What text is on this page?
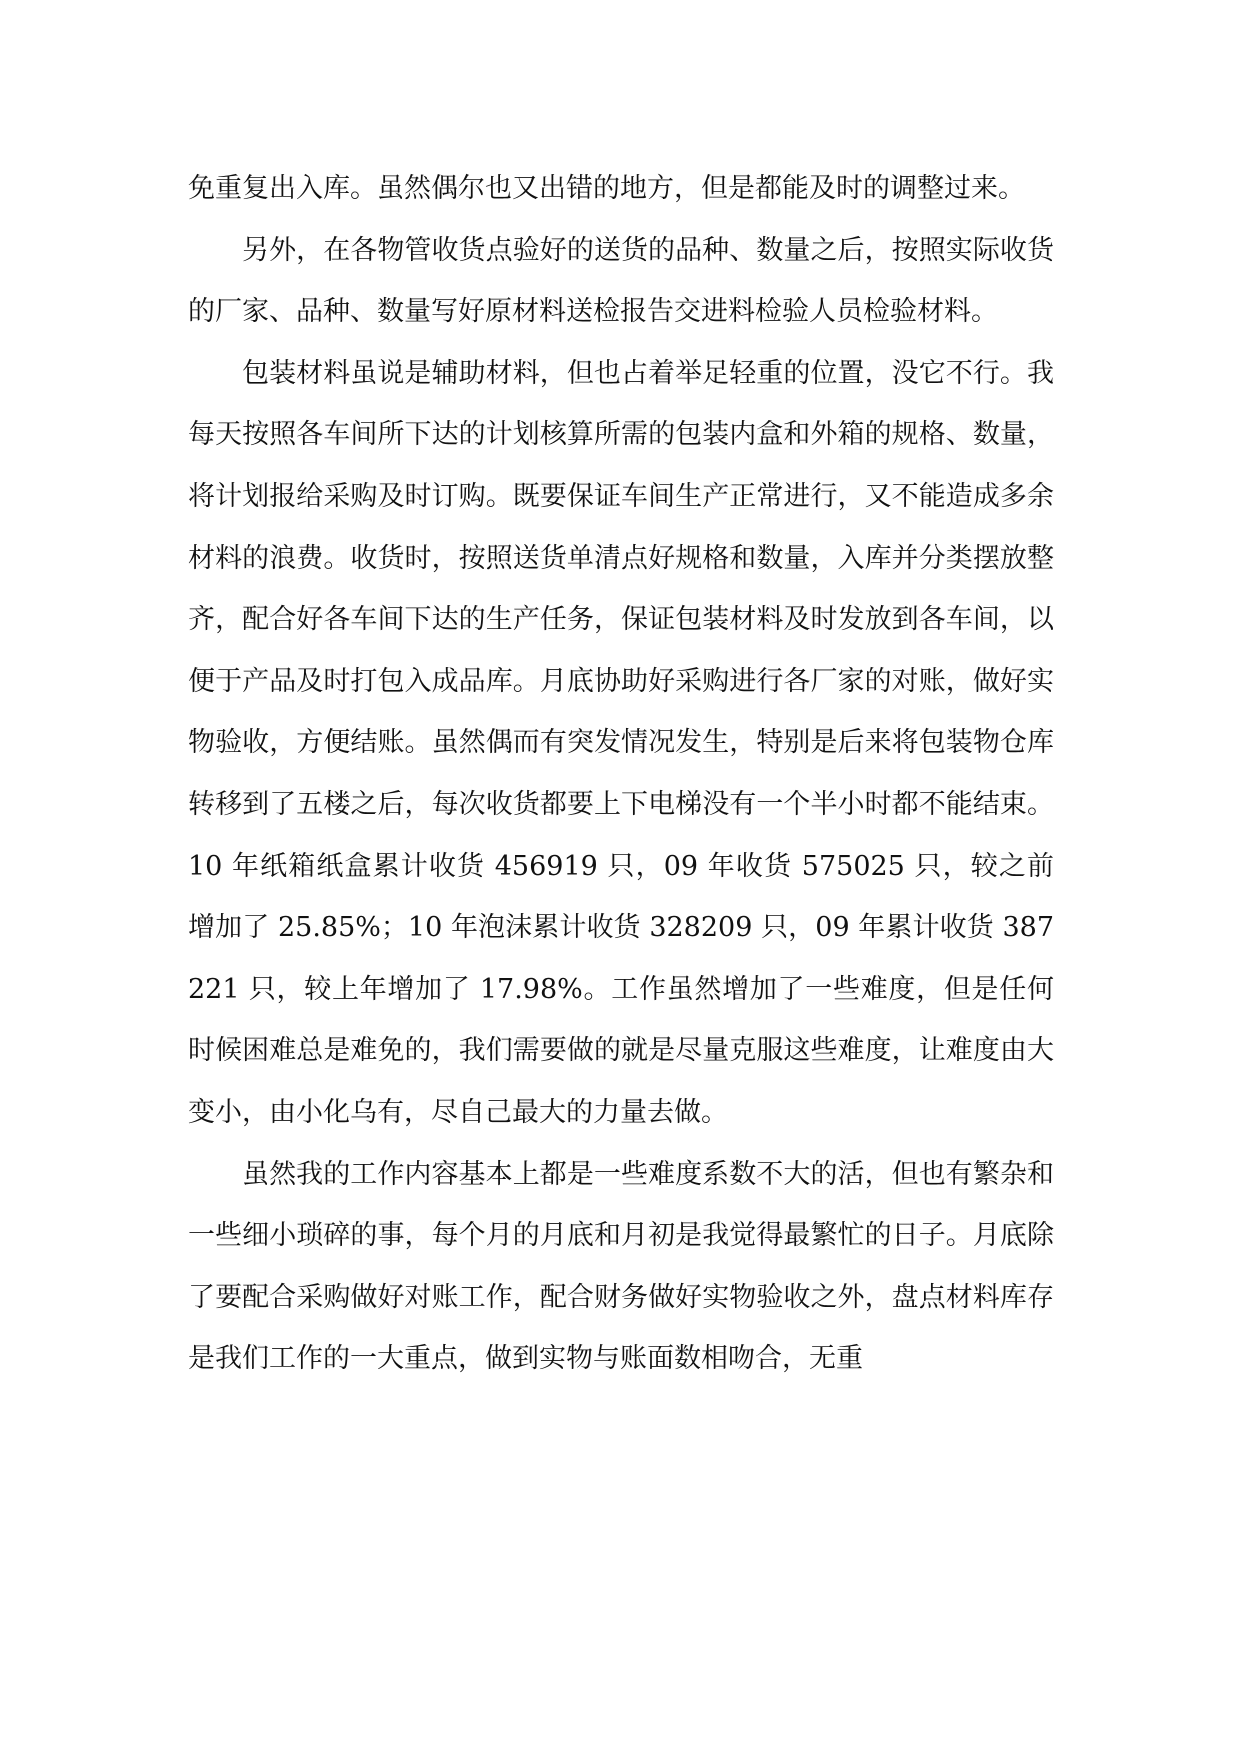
免重复出入库。虽然偶尔也又出错的地方，但是都能及时的调整过来。

另外，在各物管收货点验好的送货的品种、数量之后，按照实际收货的厂家、品种、数量写好原材料送检报告交进料检验人员检验材料。

包装材料虽说是辅助材料，但也占着举足轻重的位置，没它不行。我每天按照各车间所下达的计划核算所需的包装内盒和外箱的规格、数量，将计划报给采购及时订购。既要保证车间生产正常进行，又不能造成多余材料的浪费。收货时，按照送货单清点好规格和数量，入库并分类摆放整齐，配合好各车间下达的生产任务，保证包装材料及时发放到各车间，以便于产品及时打包入成品库。月底协助好采购进行各厂家的对账，做好实物验收，方便结账。虽然偶而有突发情况发生，特别是后来将包装物仓库转移到了五楼之后，每次收货都要上下电梯没有一个半小时都不能结束。10 年纸箱纸盒累计收货 456919 只，09 年收货 575025 只，较之前增加了 25.85%；10 年泡沫累计收货 328209 只，09 年累计收货 387221 只，较上年增加了 17.98%。工作虽然增加了一些难度，但是任何时候困难总是难免的，我们需要做的就是尽量克服这些难度，让难度由大变小，由小化乌有，尽自己最大的力量去做。

虽然我的工作内容基本上都是一些难度系数不大的活，但也有繁杂和一些细小琐碎的事，每个月的月底和月初是我觉得最繁忙的日子。月底除了要配合采购做好对账工作，配合财务做好实物验收之外，盘点材料库存是我们工作的一大重点，做到实物与账面数相吻合，无重
